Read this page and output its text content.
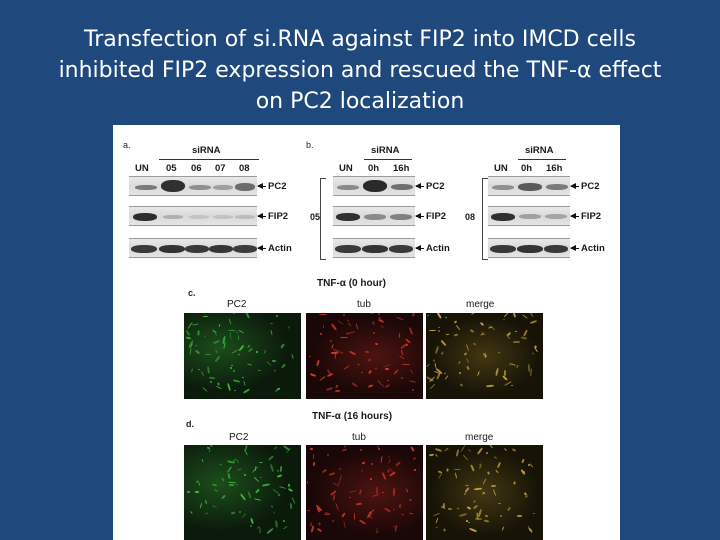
Transfection of si.RNA against FIP2 into IMCD cells
inhibited FIP2 expression and rescued the TNF-α effect
on PC2 localization
a.	siRNA
UN 05 06 07 08
PC2
FIP2
Actin
b.	siRNA
UN 0h 16h
05
PC2
FIP2
Actin
siRNA
UN 0h 16h
08
PC2
FIP2
Actin
TNF-α (0 hour)
c.
PC2	tub	merge
TNF-α (16 hours)
d.
PC2	tub	merge
